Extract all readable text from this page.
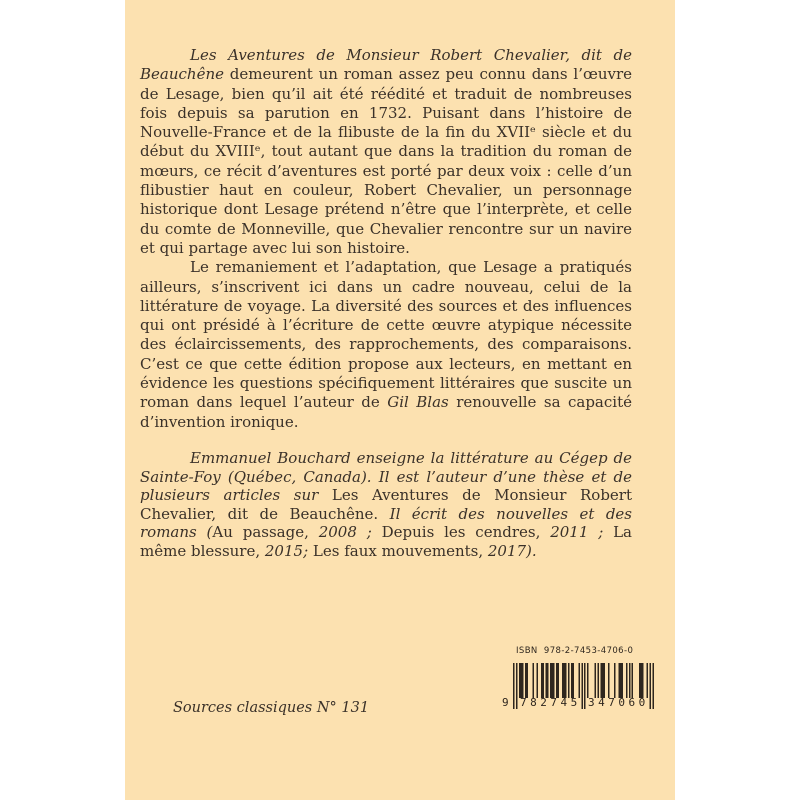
Les Aventures de Monsieur Robert Chevalier, dit de Beauchêne demeurent un roman assez peu connu dans l’œuvre de Lesage, bien qu’il ait été réédité et traduit de nombreuses fois depuis sa parution en 1732. Puisant dans l’histoire de Nouvelle-France et de la flibuste de la fin du XVIIᵉ siècle et du début du XVIIIᵉ, tout autant que dans la tradition du roman de mœurs, ce récit d’aventures est porté par deux voix : celle d’un flibustier haut en couleur, Robert Chevalier, un personnage historique dont Lesage prétend n’être que l’interprète, et celle du comte de Monneville, que Chevalier rencontre sur un navire et qui partage avec lui son histoire.

Le remaniement et l’adaptation, que Lesage a pratiqués ailleurs, s’inscrivent ici dans un cadre nouveau, celui de la littérature de voyage. La diversité des sources et des influences qui ont présidé à l’écriture de cette œuvre atypique nécessite des éclaircissements, des rapprochements, des comparaisons. C’est ce que cette édition propose aux lecteurs, en mettant en évidence les questions spécifiquement littéraires que suscite un roman dans lequel l’auteur de Gil Blas renouvelle sa capacité d’invention ironique.

Emmanuel Bouchard enseigne la littérature au Cégep de Sainte-Foy (Québec, Canada). Il est l’auteur d’une thèse et de plusieurs articles sur Les Aventures de Monsieur Robert Chevalier, dit de Beauchêne. Il écrit des nouvelles et des romans (Au passage, 2008 ; Depuis les cendres, 2011 ; La même blessure, 2015; Les faux mouvements, 2017).

Sources classiques N° 131
ISBN  978-2-7453-4706-0
9 782745 347060
